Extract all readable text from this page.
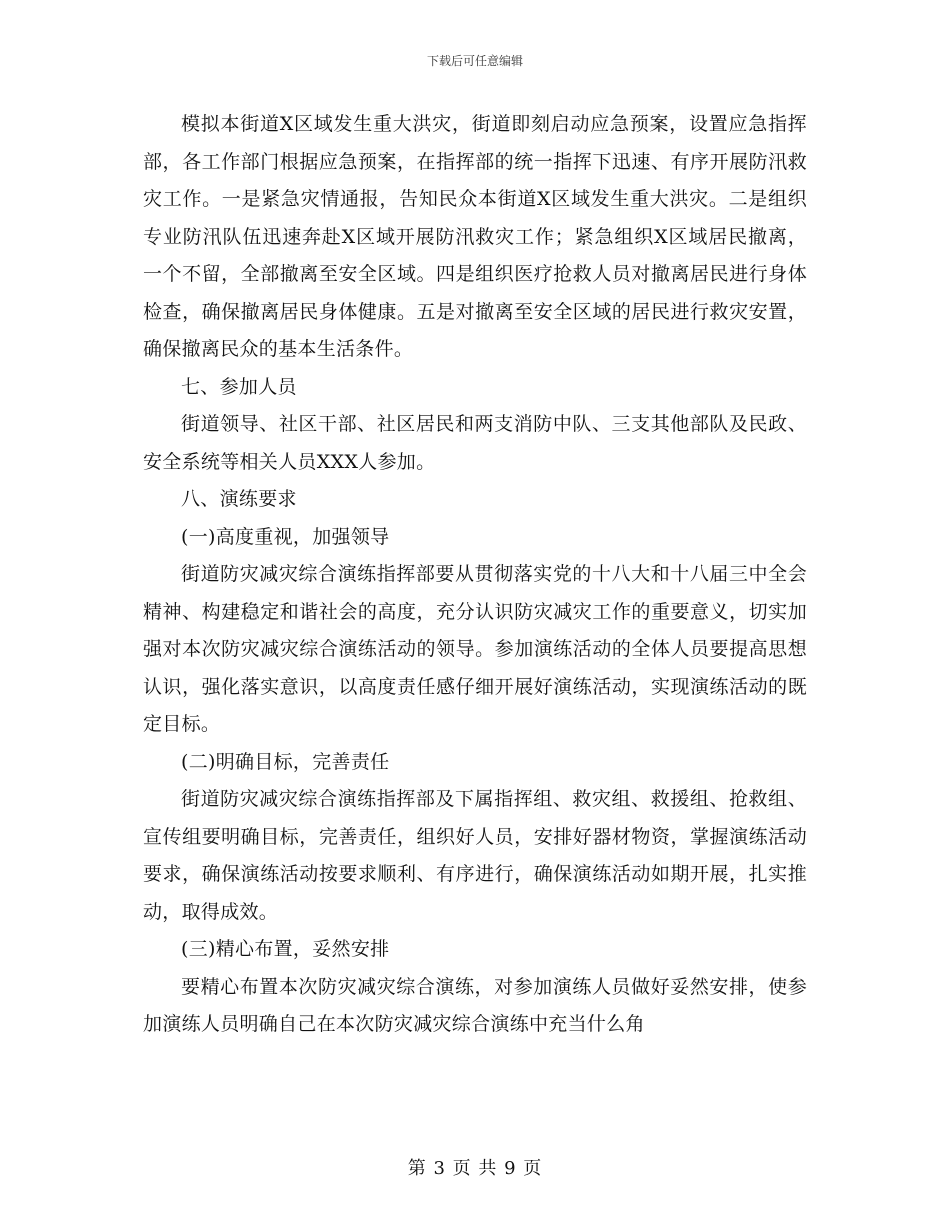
下载后可任意编辑

模拟本街道X区域发生重大洪灾，街道即刻启动应急预案，设置应急指挥部，各工作部门根据应急预案，在指挥部的统一指挥下迅速、有序开展防汛救灾工作。一是紧急灾情通报，告知民众本街道X区域发生重大洪灾。二是组织专业防汛队伍迅速奔赴X区域开展防汛救灾工作；紧急组织X区域居民撤离，一个不留，全部撤离至安全区域。四是组织医疗抢救人员对撤离居民进行身体检查，确保撤离居民身体健康。五是对撤离至安全区域的居民进行救灾安置，确保撤离民众的基本生活条件。

七、参加人员

街道领导、社区干部、社区居民和两支消防中队、三支其他部队及民政、安全系统等相关人员XXX人参加。

八、演练要求

(一)高度重视，加强领导

街道防灾减灾综合演练指挥部要从贯彻落实党的十八大和十八届三中全会精神、构建稳定和谐社会的高度，充分认识防灾减灾工作的重要意义，切实加强对本次防灾减灾综合演练活动的领导。参加演练活动的全体人员要提高思想认识，强化落实意识，以高度责任感仔细开展好演练活动，实现演练活动的既定目标。

(二)明确目标，完善责任

街道防灾减灾综合演练指挥部及下属指挥组、救灾组、救援组、抢救组、宣传组要明确目标，完善责任，组织好人员，安排好器材物资，掌握演练活动要求，确保演练活动按要求顺利、有序进行，确保演练活动如期开展，扎实推动，取得成效。

(三)精心布置，妥然安排

要精心布置本次防灾减灾综合演练，对参加演练人员做好妥然安排，使参加演练人员明确自己在本次防灾减灾综合演练中充当什么角

第 3 页 共 9 页
